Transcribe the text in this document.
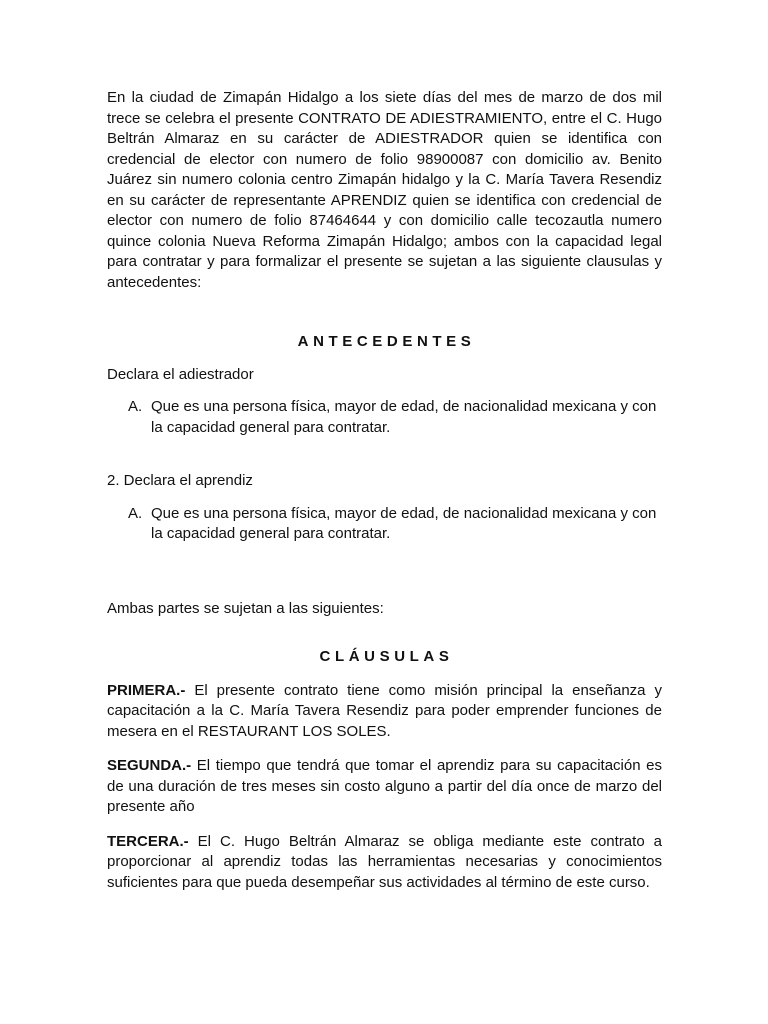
En la ciudad de Zimapán Hidalgo a los siete días del mes de marzo de dos mil trece se celebra el presente CONTRATO DE ADIESTRAMIENTO, entre el C. Hugo Beltrán Almaraz en su carácter de ADIESTRADOR quien se identifica con credencial de elector con numero de folio 98900087 con domicilio av. Benito Juárez sin numero colonia centro Zimapán hidalgo y la C. María Tavera Resendiz en su carácter de representante APRENDIZ quien se identifica con credencial de elector con numero de folio 87464644 y con domicilio calle tecozautla numero quince colonia Nueva Reforma Zimapán Hidalgo; ambos con la capacidad legal para contratar y para formalizar el presente se sujetan a las siguiente clausulas y antecedentes:

ANTECEDENTES

Declara el adiestrador

A. Que es una persona física, mayor de edad, de nacionalidad mexicana y con la capacidad general para contratar.

2. Declara el aprendiz

A. Que es una persona física, mayor de edad, de nacionalidad mexicana y con la capacidad general para contratar.

Ambas partes se sujetan a las siguientes:

CLÁUSULAS

PRIMERA.- El presente contrato tiene como misión principal la enseñanza y capacitación a la C. María Tavera Resendiz para poder emprender funciones de mesera en el RESTAURANT LOS SOLES.

SEGUNDA.- El tiempo que tendrá que tomar el aprendiz para su capacitación es de una duración de tres meses sin costo alguno a partir del día once de marzo del presente año

TERCERA.- El C. Hugo Beltrán Almaraz se obliga mediante este contrato a proporcionar al aprendiz todas las herramientas necesarias y conocimientos suficientes para que pueda desempeñar sus actividades al término de este curso.
